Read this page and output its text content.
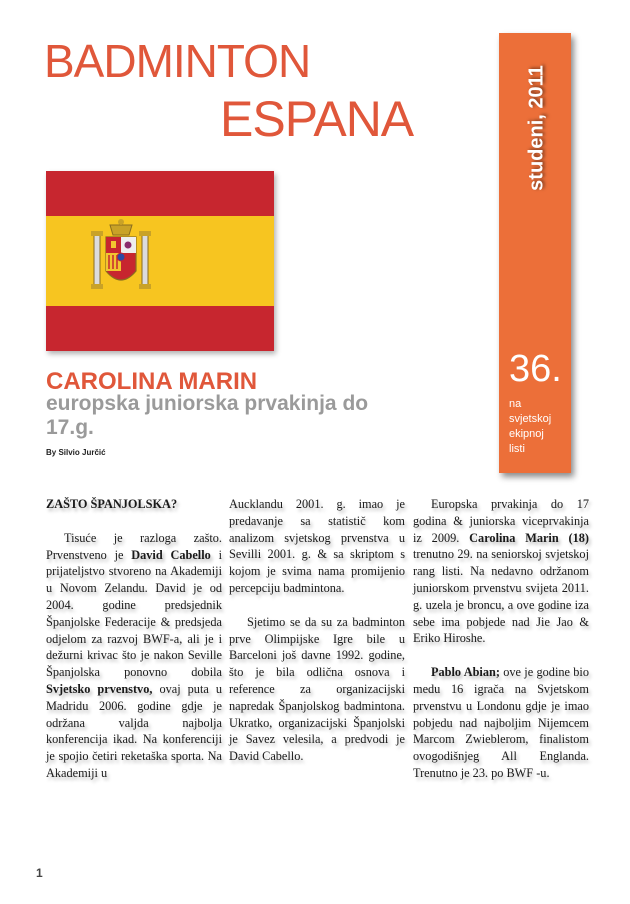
BADMINTON
ESPANA	studeni, 2011
36.
na
svjetskoj
ekipnoj
listi
CAROLINA MARIN
europska juniorska prvakinja do 17.g.
By Silvio Jurčić

ZAŠTO ŠPANJOLSKA?

Tisuće je razloga zašto. Prvenstveno je David Cabello i prijateljstvo stvoreno na Akademiji u Novom Zelandu. David je od 2004. godine predsjednik Španjolske Federacije & predsjeda odjelom za razvoj BWF-a, ali je i dežurni krivac što je nakon Seville Španjolska ponovno dobila Svjetsko prvenstvo, ovaj puta u Madridu 2006. godine gdje je održana valjda najbolja konferencija ikad. Na konferenciji je spojio četiri reketaška sporta. Na Akademiji u

Aucklandu 2001. g. imao je predavanje sa statistič kom analizom svjetskog prvenstva u Sevilli 2001. g. & sa skriptom s kojom je svima nama promijenio percepciju badmintona.

Sjetimo se da su za badminton prve Olimpijske Igre bile u Barceloni još davne 1992. godine, što je bila odlična osnova i reference za organizacijski napredak Španjolskog badmintona. Ukratko, organizacijski Španjolski je Savez velesila, a predvodi je David Cabello.

Europska prvakinja do 17 godina & juniorska viceprvakinja iz 2009. Carolina Marin (18) trenutno 29. na seniorskoj svjetskoj rang listi. Na nedavno održanom juniorskom prvenstvu svijeta 2011. g. uzela je broncu, a ove godine iza sebe ima pobjede nad Jie Jao & Eriko Hiroshe.

Pablo Abian; ove je godine bio medu 16 igrača na Svjetskom prvenstvu u Londonu gdje je imao pobjedu nad najboljim Nijemcem Marcom Zwieblerom, finalistom ovogodišnjeg All Englanda. Trenutno je 23. po BWF -u.

1
